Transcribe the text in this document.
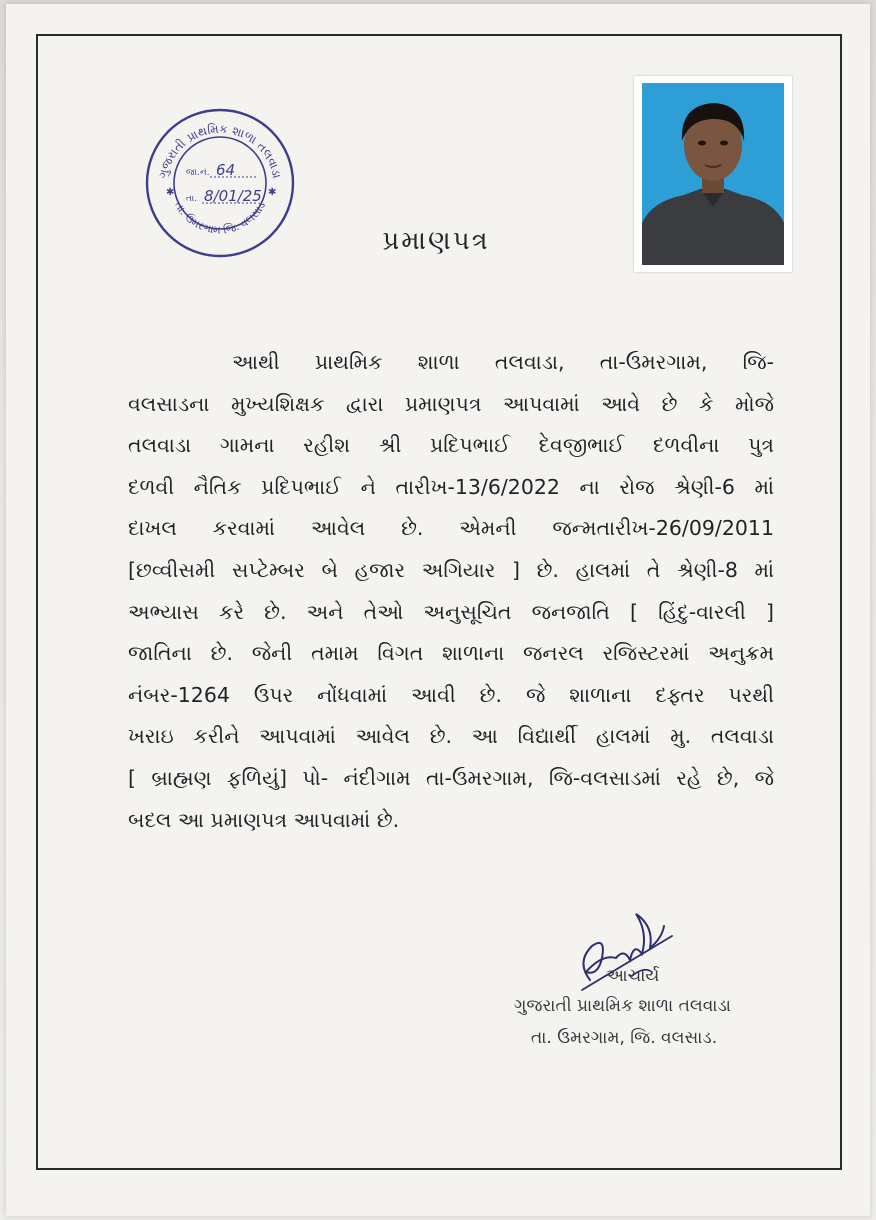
ગુજરાતી પ્રાથમિક શાળા તલવાડા
તા. ઉમરગામ જિ. વલસાડ
✱	✱
જા.નં. 64
તા. 8/01/25
પ્રમાણપત્ર
આથી પ્રાથમિક શાળા તલવાડા, તા-ઉમરગામ, જિ-
વલસાડના મુખ્યશિક્ષક દ્વારા પ્રમાણપત્ર આપવામાં આવે છે કે મોજે
તલવાડા ગામના રહીશ શ્રી પ્રદિપભાઈ દેવજીભાઈ દળવીના પુત્ર
દળવી નૈતિક પ્રદિપભાઈ ને તારીખ-13/6/2022 ના રોજ શ્રેણી-6 માં
દાખલ કરવામાં આવેલ છે. એમની જન્મતારીખ-26/09/2011
[છવ્વીસમી સપ્ટેમ્બર બે હજાર અગિયાર ] છે. હાલમાં તે શ્રેણી-8 માં
અભ્યાસ કરે છે. અને તેઓ અનુસૂચિત જનજાતિ [ હિંદુ-વારલી ]
જાતિના છે. જેની તમામ વિગત શાળાના જનરલ રજિસ્ટરમાં અનુક્રમ
નંબર-1264 ઉપર નોંધવામાં આવી છે. જે શાળાના દફ્તર પરથી
ખરાઇ કરીને આપવામાં આવેલ છે. આ વિદ્યાર્થી હાલમાં મુ. તલવાડા
[ બ્રાહ્મણ ફળિયું] પો- નંદીગામ તા-ઉમરગામ, જિ-વલસાડમાં રહે છે, જે
બદલ આ પ્રમાણપત્ર આપવામાં છે.
આચાર્ય
ગુજરાતી પ્રાથમિક શાળા તલવાડા
તા. ઉમરગામ, જિ. વલસાડ.
